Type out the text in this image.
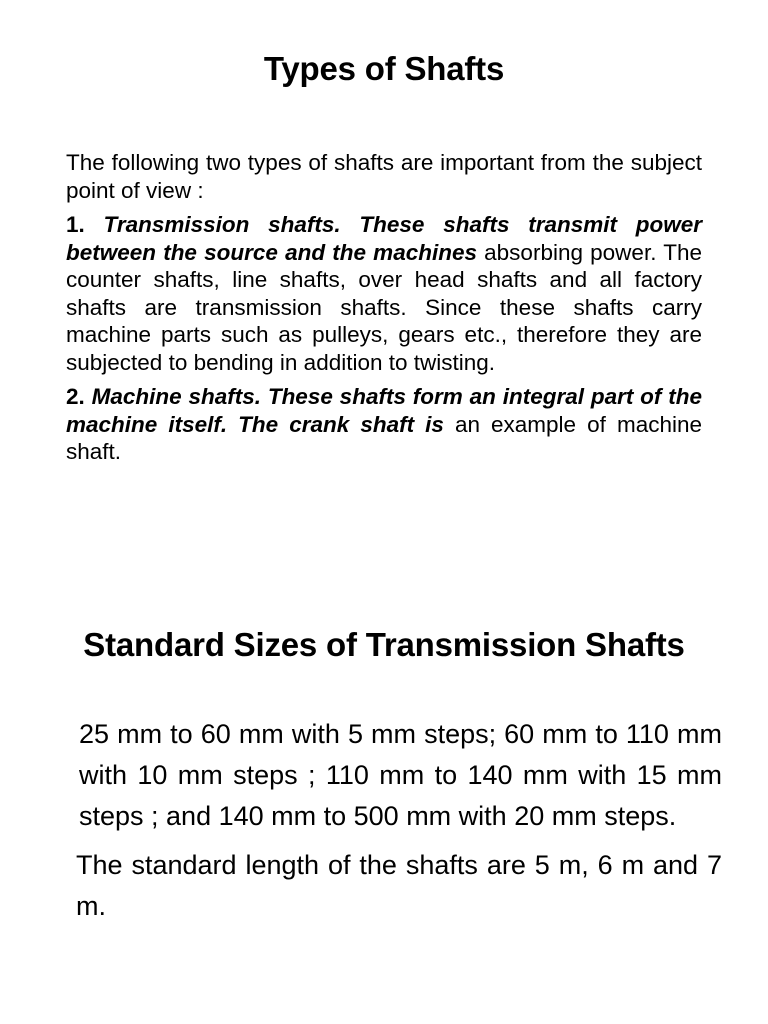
Types of Shafts

The following two types of shafts are important from the subject point of view :

1. Transmission shafts. These shafts transmit power between the source and the machines absorbing power. The counter shafts, line shafts, over head shafts and all factory shafts are transmission shafts. Since these shafts carry machine parts such as pulleys, gears etc., therefore they are subjected to bending in addition to twisting.

2. Machine shafts. These shafts form an integral part of the machine itself. The crank shaft is an example of machine shaft.

Standard Sizes of Transmission Shafts

25 mm to 60 mm with 5 mm steps; 60 mm to 110 mm with 10 mm steps ; 110 mm to 140 mm with 15 mm steps ; and 140 mm to 500 mm with 20 mm steps.

The standard length of the shafts are 5 m, 6 m and 7 m.
